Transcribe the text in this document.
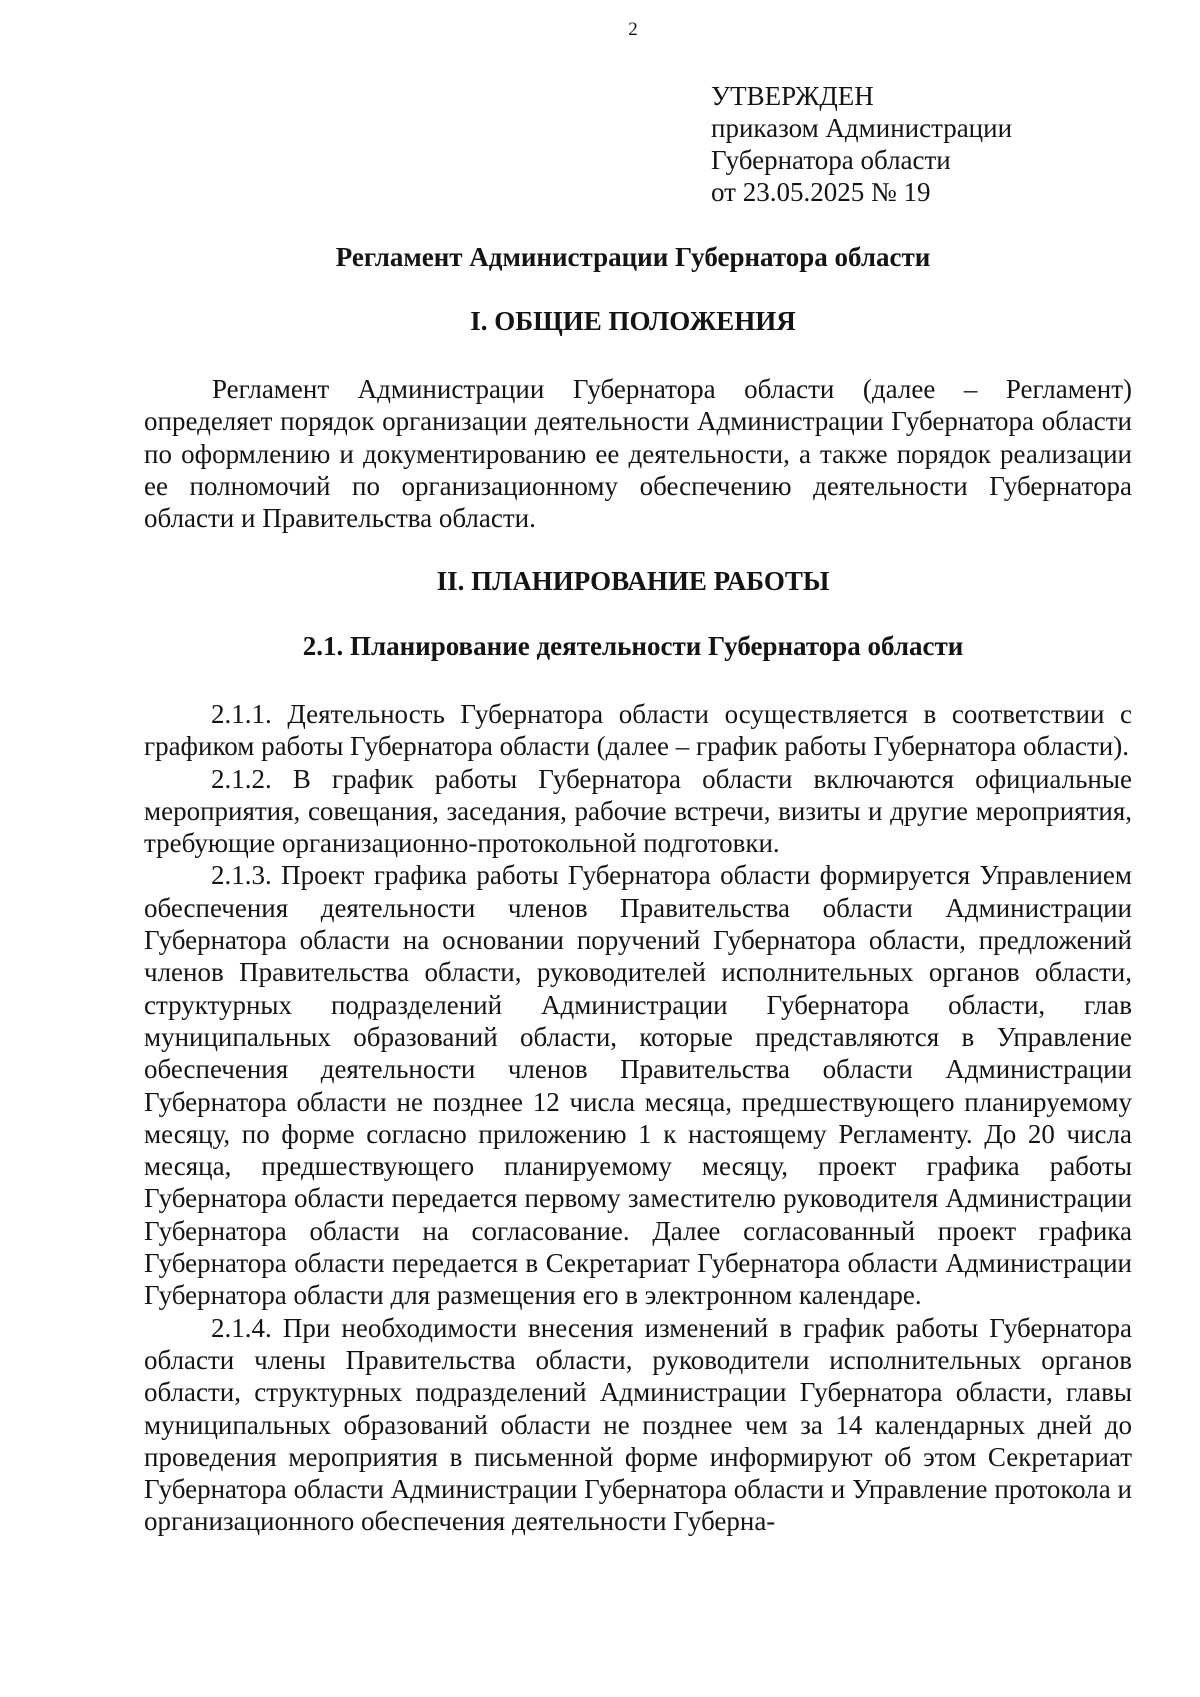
2
УТВЕРЖДЕН
приказом Администрации
Губернатора области
от 23.05.2025 № 19
Регламент Администрации Губернатора области
I. ОБЩИЕ ПОЛОЖЕНИЯ

Регламент Администрации Губернатора области (далее – Регламент) определяет порядок организации деятельности Администрации Губернатора области по оформлению и документированию ее деятельности, а также порядок реализации ее полномочий по организационному обеспечению деятельности Губернатора области и Правительства области.

II. ПЛАНИРОВАНИЕ РАБОТЫ
2.1. Планирование деятельности Губернатора области

2.1.1. Деятельность Губернатора области осуществляется в соответствии с графиком работы Губернатора области (далее – график работы Губернатора области).

2.1.2. В график работы Губернатора области включаются официальные мероприятия, совещания, заседания, рабочие встречи, визиты и другие мероприятия, требующие организационно-протокольной подготовки.

2.1.3. Проект графика работы Губернатора области формируется Управлением обеспечения деятельности членов Правительства области Администрации Губернатора области на основании поручений Губернатора области, предложений членов Правительства области, руководителей исполнительных органов области, структурных подразделений Администрации Губернатора области, глав муниципальных образований области, которые представляются в Управление обеспечения деятельности членов Правительства области Администрации Губернатора области не позднее 12 числа месяца, предшествующего планируемому месяцу, по форме согласно приложению 1 к настоящему Регламенту. До 20 числа месяца, предшествующего планируемому месяцу, проект графика работы Губернатора области передается первому заместителю руководителя Администрации Губернатора области на согласование. Далее согласованный проект графика Губернатора области передается в Секретариат Губернатора области Администрации Губернатора области для размещения его в электронном календаре.

2.1.4. При необходимости внесения изменений в график работы Губернатора области члены Правительства области, руководители исполнительных органов области, структурных подразделений Администрации Губернатора области, главы муниципальных образований области не позднее чем за 14 календарных дней до проведения мероприятия в письменной форме информируют об этом Секретариат Губернатора области Администрации Губернатора области и Управление протокола и организационного обеспечения деятельности Губерна-
